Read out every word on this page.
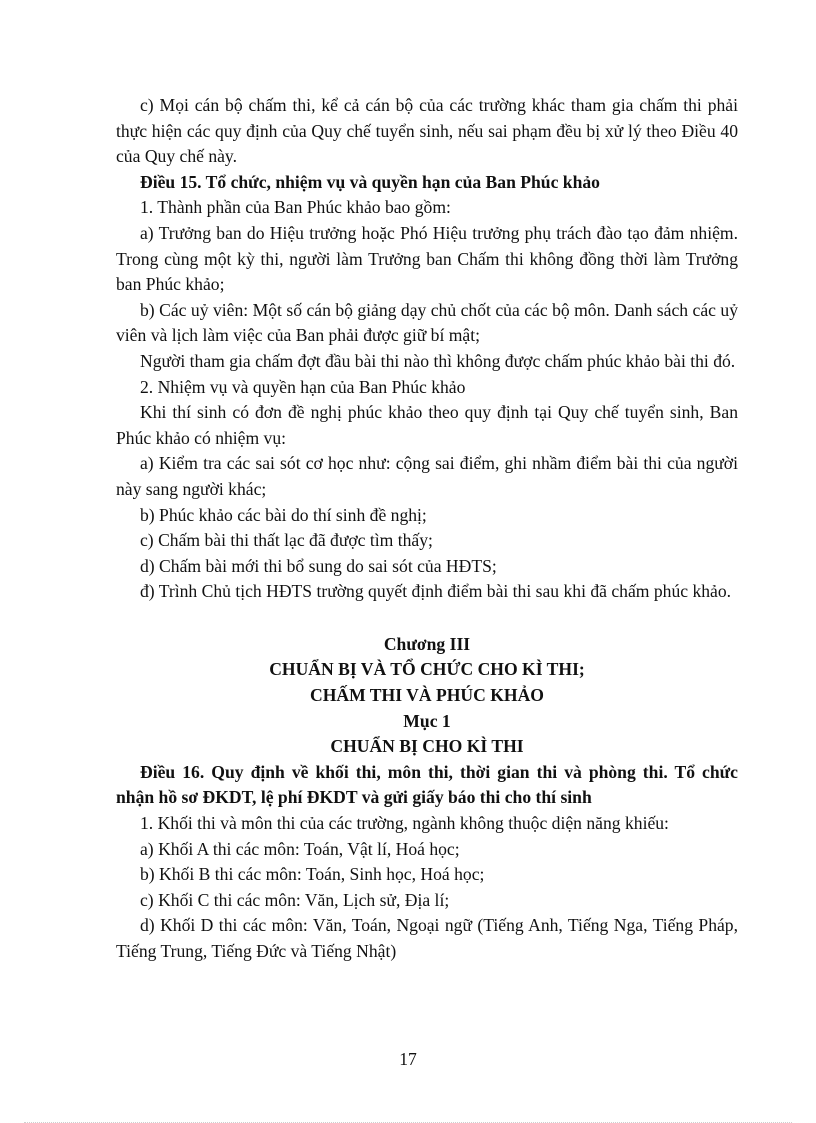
c) Mọi cán bộ chấm thi, kể cả cán bộ của các trường khác tham gia chấm thi phải thực hiện các quy định của Quy chế tuyển sinh, nếu sai phạm đều bị xử lý theo Điều 40 của Quy chế này.

Điều 15. Tổ chức, nhiệm vụ và quyền hạn của Ban Phúc khảo

1. Thành phần của Ban Phúc khảo bao gồm:

a) Trưởng ban do Hiệu trưởng hoặc Phó Hiệu trưởng phụ trách đào tạo đảm nhiệm. Trong cùng một kỳ thi, người làm Trưởng ban Chấm thi không đồng thời làm Trưởng ban Phúc khảo;

b) Các uỷ viên: Một số cán bộ giảng dạy chủ chốt của các bộ môn. Danh sách các uỷ viên và lịch làm việc của Ban phải được giữ bí mật;

Người tham gia chấm đợt đầu bài thi nào thì không được chấm phúc khảo bài thi đó.

2. Nhiệm vụ và quyền hạn của Ban Phúc khảo

Khi thí sinh có đơn đề nghị phúc khảo theo quy định tại Quy chế tuyển sinh, Ban Phúc khảo có nhiệm vụ:

a) Kiểm tra các sai sót cơ học như: cộng sai điểm, ghi nhầm điểm bài thi của người này sang người khác;

b) Phúc khảo các bài do thí sinh đề nghị;

c) Chấm bài thi thất lạc đã được tìm thấy;

d) Chấm bài mới thi bổ sung do sai sót của HĐTS;

đ) Trình Chủ tịch HĐTS trường quyết định điểm bài thi sau khi đã chấm phúc khảo.

Chương III

CHUẨN BỊ VÀ TỔ CHỨC CHO KÌ THI;

CHẤM THI VÀ PHÚC KHẢO

Mục 1

CHUẨN BỊ CHO KÌ THI

Điều 16. Quy định về khối thi, môn thi, thời gian thi và phòng thi. Tổ chức nhận hồ sơ ĐKDT, lệ phí ĐKDT và gửi giấy báo thi cho thí sinh

1. Khối thi và môn thi của các trường, ngành không thuộc diện năng khiếu:

a) Khối A thi các môn: Toán, Vật lí, Hoá học;

b) Khối B thi các môn: Toán, Sinh học, Hoá học;

c) Khối C thi các môn: Văn, Lịch sử, Địa lí;

d) Khối D thi các môn: Văn, Toán, Ngoại ngữ (Tiếng Anh, Tiếng Nga, Tiếng Pháp, Tiếng Trung, Tiếng Đức và Tiếng Nhật)

17
